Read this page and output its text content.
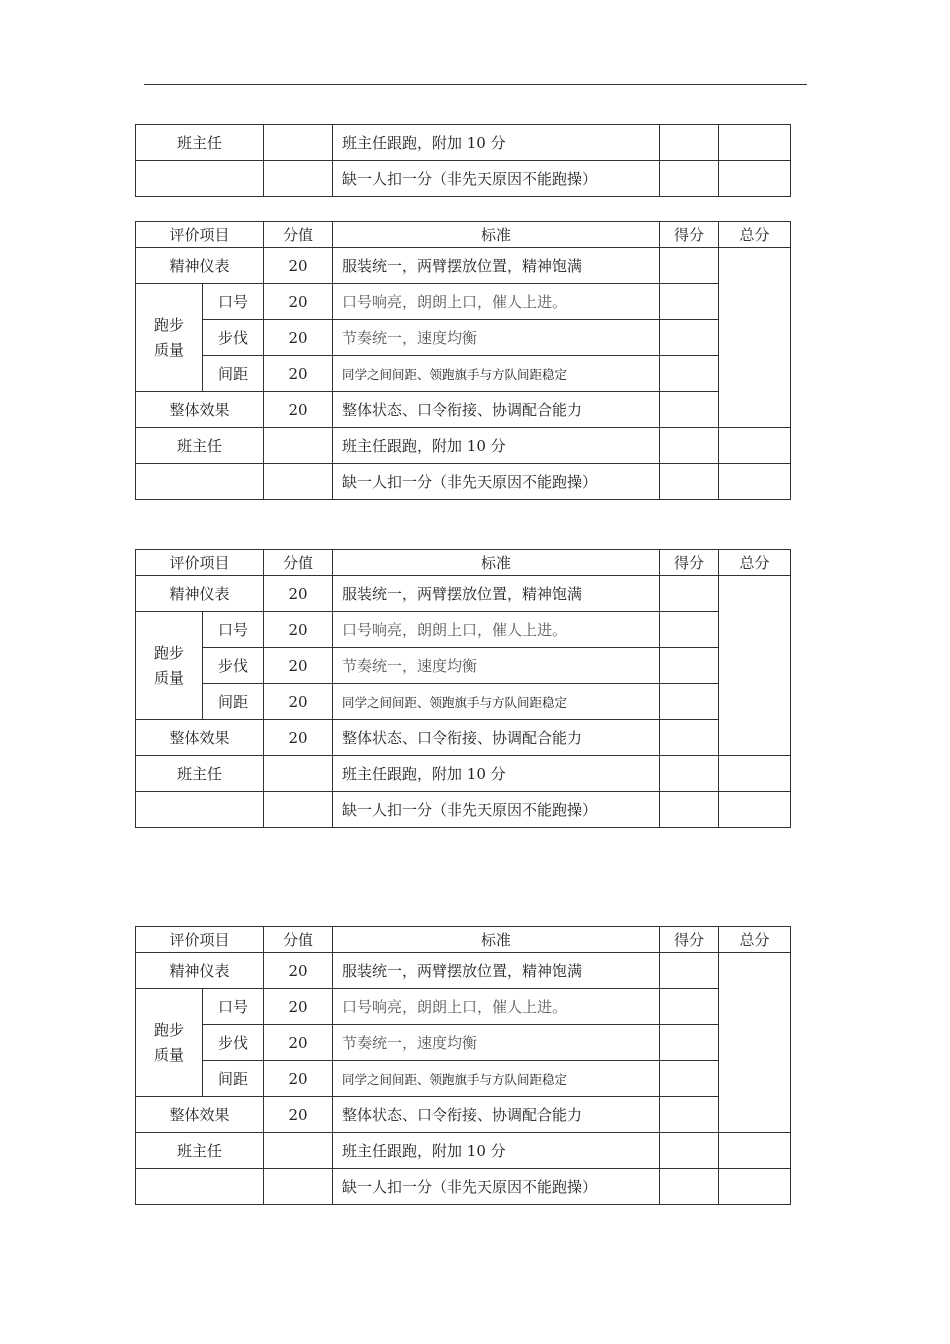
班主任		班主任跟跑，附加 10 分		
		缺一人扣一分（非先天原因不能跑操）		
评价项目		分值	标准	得分	总分
精神仪表		20	服装统一，两臂摆放位置，精神饱满		
跑步
质量	口号	20	口号响亮，朗朗上口，催人上进。		
	步伐	20	节奏统一，速度均衡		
	间距	20	同学之间间距、领跑旗手与方队间距稳定		
整体效果		20	整体状态、口令衔接、协调配合能力		
班主任			班主任跟跑，附加 10 分		
			缺一人扣一分（非先天原因不能跑操）		
评价项目		分值	标准	得分	总分
精神仪表		20	服装统一，两臂摆放位置，精神饱满		
跑步
质量	口号	20	口号响亮，朗朗上口，催人上进。		
	步伐	20	节奏统一，速度均衡		
	间距	20	同学之间间距、领跑旗手与方队间距稳定		
整体效果		20	整体状态、口令衔接、协调配合能力		
班主任			班主任跟跑，附加 10 分		
			缺一人扣一分（非先天原因不能跑操）		
评价项目		分值	标准	得分	总分
精神仪表		20	服装统一，两臂摆放位置，精神饱满		
跑步
质量	口号	20	口号响亮，朗朗上口，催人上进。		
	步伐	20	节奏统一，速度均衡		
	间距	20	同学之间间距、领跑旗手与方队间距稳定		
整体效果		20	整体状态、口令衔接、协调配合能力		
班主任			班主任跟跑，附加 10 分		
			缺一人扣一分（非先天原因不能跑操）		
